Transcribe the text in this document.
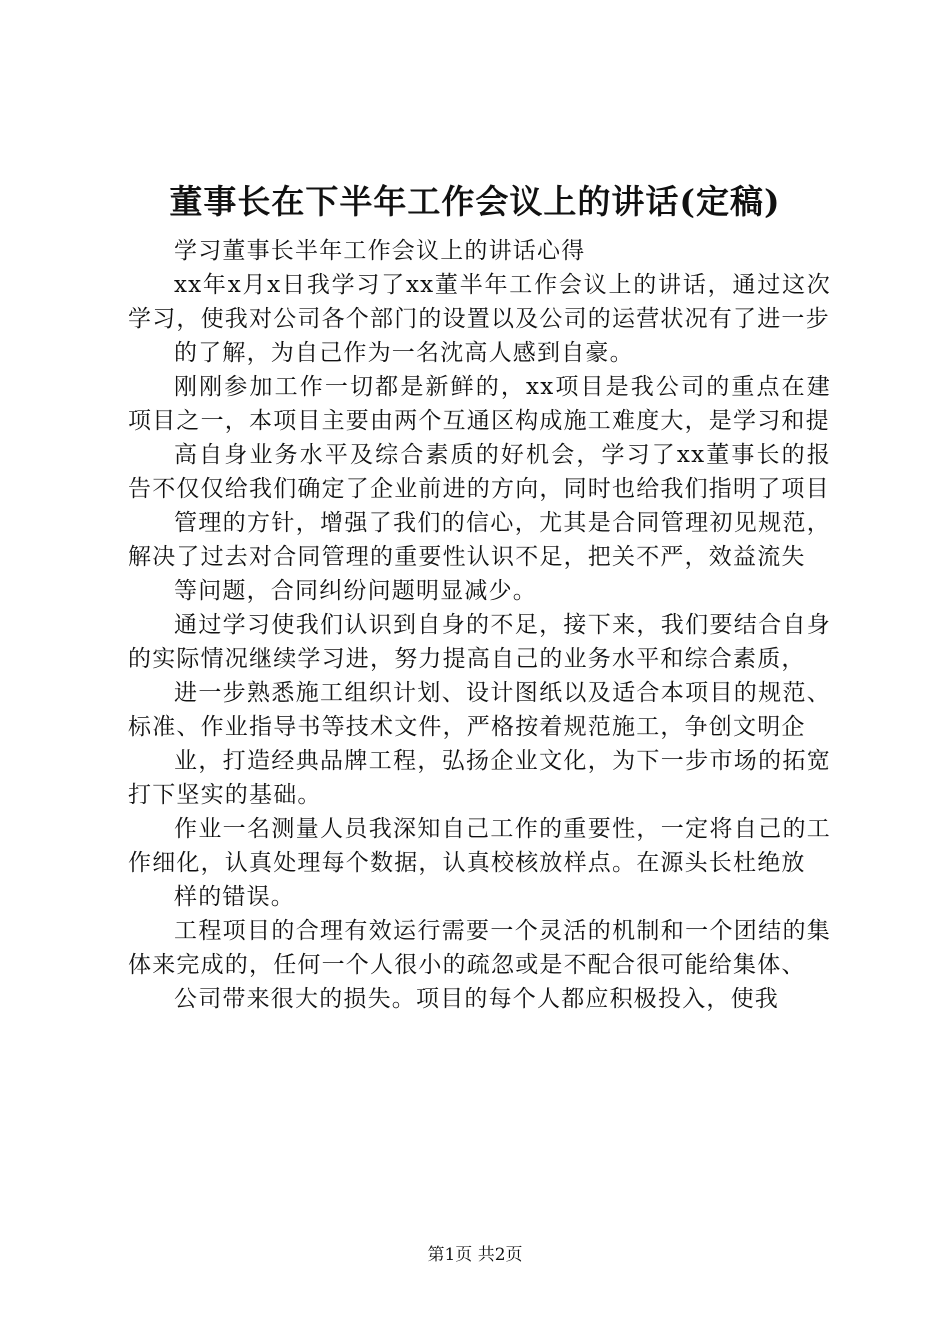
董事长在下半年工作会议上的讲话(定稿)

学习董事长半年工作会议上的讲话心得

xx年x月x日我学习了xx董半年工作会议上的讲话，通过这次学习，使我对公司各个部门的设置以及公司的运营状况有了进一步

的了解，为自己作为一名沈高人感到自豪。

刚刚参加工作一切都是新鲜的，xx项目是我公司的重点在建项目之一，本项目主要由两个互通区构成施工难度大，是学习和提

高自身业务水平及综合素质的好机会，学习了xx董事长的报告不仅仅给我们确定了企业前进的方向，同时也给我们指明了项目

管理的方针，增强了我们的信心，尤其是合同管理初见规范，解决了过去对合同管理的重要性认识不足，把关不严，效益流失

等问题，合同纠纷问题明显减少。

通过学习使我们认识到自身的不足，接下来，我们要结合自身的实际情况继续学习进，努力提高自己的业务水平和综合素质，

进一步熟悉施工组织计划、设计图纸以及适合本项目的规范、标准、作业指导书等技术文件，严格按着规范施工，争创文明企

业，打造经典品牌工程，弘扬企业文化，为下一步市场的拓宽打下坚实的基础。

作业一名测量人员我深知自己工作的重要性，一定将自己的工作细化，认真处理每个数据，认真校核放样点。在源头长杜绝放

样的错误。

工程项目的合理有效运行需要一个灵活的机制和一个团结的集体来完成的，任何一个人很小的疏忽或是不配合很可能给集体、

公司带来很大的损失。项目的每个人都应积极投入，使我

第1页 共2页
